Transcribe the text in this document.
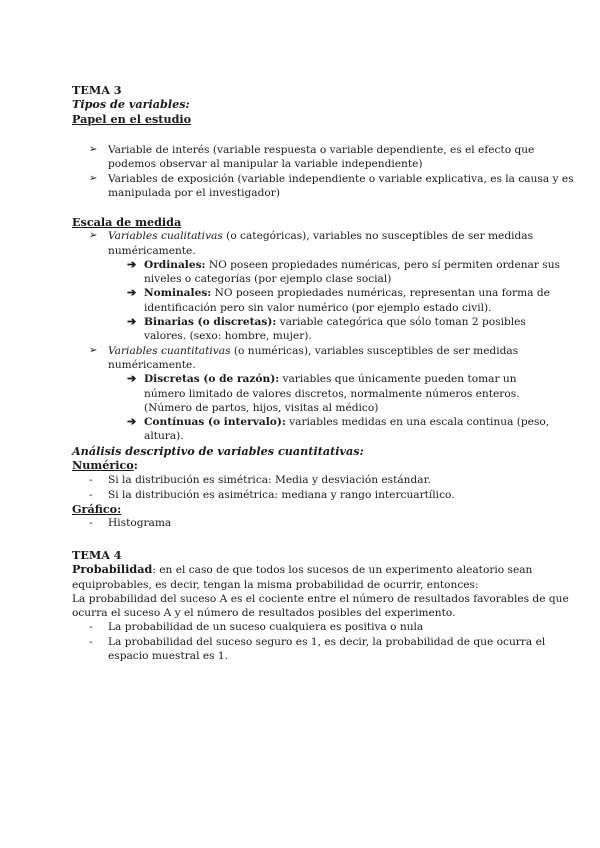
TEMA 3
Tipos de variables:
Papel en el estudio
➢ Variable de interés (variable respuesta o variable dependiente, es el efecto que
podemos observar al manipular la variable independiente)
➢ Variables de exposición (variable independiente o variable explicativa, es la causa y es
manipulada por el investigador)
Escala de medida
➢ Variables cualitativas (o categóricas), variables no susceptibles de ser medidas
numéricamente.
➔ Ordinales: NO poseen propiedades numéricas, pero sí permiten ordenar sus
niveles o categorías (por ejemplo clase social)
➔ Nominales: NO poseen propiedades numéricas, representan una forma de
identificación pero sin valor numérico (por ejemplo estado civil).
➔ Binarias (o discretas): variable categórica que sólo toman 2 posibles
valores. (sexo: hombre, mujer).
➢ Variables cuantitativas (o numéricas), variables susceptibles de ser medidas
numéricamente.
➔ Discretas (o de razón): variables que únicamente pueden tomar un
número limitado de valores discretos, normalmente números enteros.
(Número de partos, hijos, visitas al médico)
➔ Contínuas (o intervalo): variables medidas en una escala continua (peso,
altura).
Análisis descriptivo de variables cuantitativas:
Numérico:
- Si la distribución es simétrica: Media y desviación estándar.
- Si la distribución es asimétrica: mediana y rango intercuartílico.
Gráfico:
- Histograma
TEMA 4
Probabilidad: en el caso de que todos los sucesos de un experimento aleatorio sean
equiprobables, es decir, tengan la misma probabilidad de ocurrir, entonces:
La probabilidad del suceso A es el cociente entre el número de resultados favorables de que
ocurra el suceso A y el número de resultados posibles del experimento.
- La probabilidad de un suceso cualquiera es positiva o nula
- La probabilidad del suceso seguro es 1, es decir, la probabilidad de que ocurra el
espacio muestral es 1.
